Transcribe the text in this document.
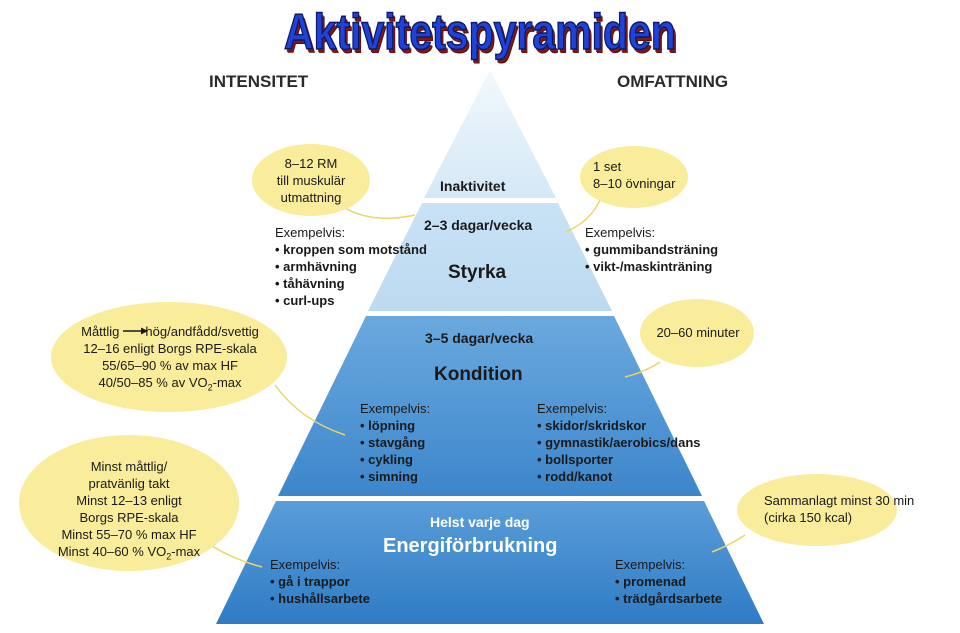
Aktivitetspyramiden
INTENSITET	OMFATTNING
Inaktivitet
2–3 dagar/vecka
Styrka
Exempelvis:
• kroppen som motstånd
• armhävning
• tåhävning
• curl-ups
Exempelvis:
• gummibandsträning
• vikt-/maskinträning
3–5 dagar/vecka
Kondition
Exempelvis:
• löpning
• stavgång
• cykling
• simning
Exempelvis:
• skidor/skridskor
• gymnastik/aerobics/dans
• bollsporter
• rodd/kanot
Helst varje dag
Energiförbrukning
Exempelvis:
• gå i trappor
• hushållsarbete
Exempelvis:
• promenad
• trädgårdsarbete
8–12 RM
till muskulär
utmattning
1 set
8–10 övningar
Måttlig hög/andfådd/svettig
12–16 enligt Borgs RPE-skala
55/65–90 % av max HF
40/50–85 % av $VO_2-\max$
20–60 minuter
Minst måttlig/
pratvänlig takt
Minst 12–13 enligt
Borgs RPE-skala
Minst 55–70 % max HF
Minst 40–60 % $VO_2-\max$
Sammanlagt minst 30 min
(cirka 150 kcal)
